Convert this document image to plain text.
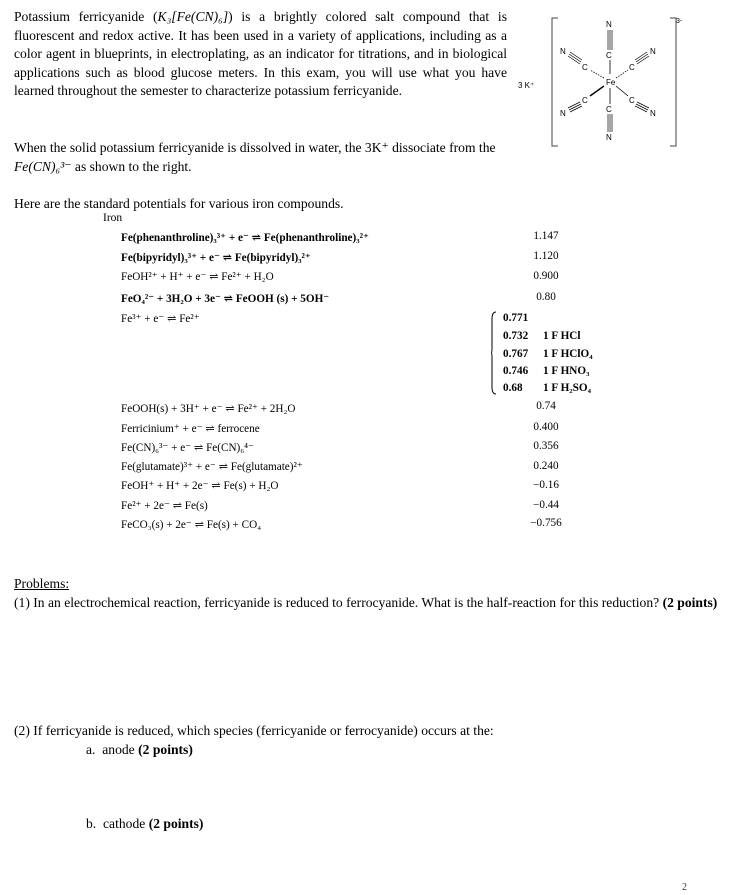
Potassium ferricyanide (K₃[Fe(CN)₆]) is a brightly colored salt compound that is fluorescent and redox active. It has been used in a variety of applications, including as a color agent in blueprints, in electroplating, as an indicator for titrations, and in biological applications such as blood glucose meters. In this exam, you will use what you have learned throughout the semester to characterize potassium ferricyanide.	3 K⁺
3-
Fe
C
N
C
N
C
N
C
N
C
N
C
N
When the solid potassium ferricyanide is dissolved in water, the 3K⁺ dissociate from the Fe(CN)₆³⁻ as shown to the right.
Here are the standard potentials for various iron compounds.
Iron
Fe(phenanthroline)₃³⁺ + e⁻ ⇌ Fe(phenanthroline)₃²⁺	1.147
Fe(bipyridyl)₃³⁺ + e⁻ ⇌ Fe(bipyridyl)₃²⁺	1.120
FeOH²⁺ + H⁺ + e⁻ ⇌ Fe²⁺ + H₂O	0.900
FeO₄²⁻ + 3H₂O + 3e⁻ ⇌ FeOOH (s) + 5OH⁻	0.80
Fe³⁺ + e⁻ ⇌ Fe²⁺	0.771
0.732 1 F HCl
0.767 1 F HClO₄
0.746 1 F HNO₃
0.68 1 F H₂SO₄
FeOOH(s) + 3H⁺ + e⁻ ⇌ Fe²⁺ + 2H₂O	0.74
Ferricinium⁺ + e⁻ ⇌ ferrocene	0.400
Fe(CN)₆³⁻ + e⁻ ⇌ Fe(CN)₆⁴⁻	0.356
Fe(glutamate)³⁺ + e⁻ ⇌ Fe(glutamate)²⁺	0.240
FeOH⁺ + H⁺ + 2e⁻ ⇌ Fe(s) + H₂O	−0.16
Fe²⁺ + 2e⁻ ⇌ Fe(s)	−0.44
FeCO₃(s) + 2e⁻ ⇌ Fe(s) + CO₄	−0.756
Problems:
(1) In an electrochemical reaction, ferricyanide is reduced to ferrocyanide. What is the half-reaction for this reduction? (2 points)
(2) If ferricyanide is reduced, which species (ferricyanide or ferrocyanide) occurs at the:
a. anode (2 points)
b. cathode (2 points)
2
